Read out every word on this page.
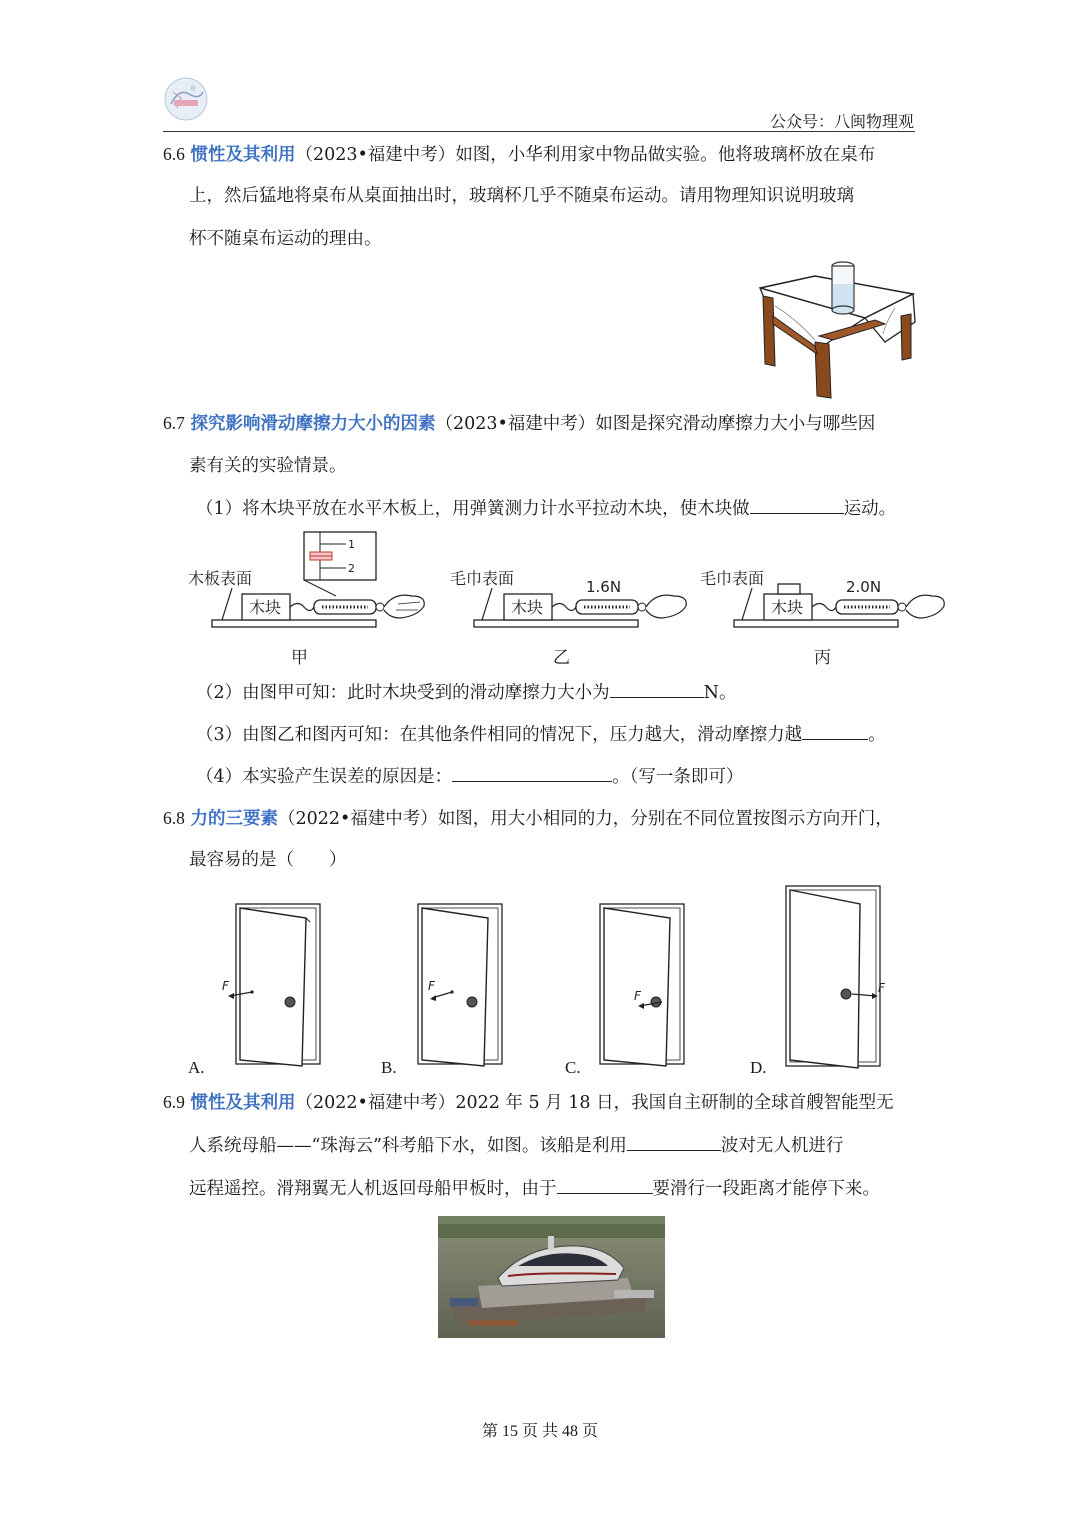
公众号：八闽物理观
6.6 惯性及其利用（2023•福建中考）如图，小华利用家中物品做实验。他将玻璃杯放在桌布
上，然后猛地将桌布从桌面抽出时，玻璃杯几乎不随桌布运动。请用物理知识说明玻璃
杯不随桌布运动的理由。
6.7 探究影响滑动摩擦力大小的因素（2023•福建中考）如图是探究滑动摩擦力大小与哪些因
素有关的实验情景。
（1）将木块平放在水平木板上，用弹簧测力计水平拉动木块，使木块做	运动。
木板表面
木块
1
2
甲
毛巾表面
木块
1.6N
乙
毛巾表面
木块
2.0N
丙
（2）由图甲可知：此时木块受到的滑动摩擦力大小为	N。
（3）由图乙和图丙可知：在其他条件相同的情况下，压力越大，滑动摩擦力越	。
（4）本实验产生误差的原因是：	。（写一条即可）
6.8 力的三要素（2022•福建中考）如图，用大小相同的力，分别在不同位置按图示方向开门，
最容易的是（　　）
F
A.
F
B.
F
C.
F
D.
6.9 惯性及其利用（2022•福建中考）2022 年 5 月 18 日，我国自主研制的全球首艘智能型无
人系统母船——“珠海云”科考船下水，如图。该船是利用	波对无人机进行
远程遥控。滑翔翼无人机返回母船甲板时，由于	要滑行一段距离才能停下来。
第 15 页 共 48 页
